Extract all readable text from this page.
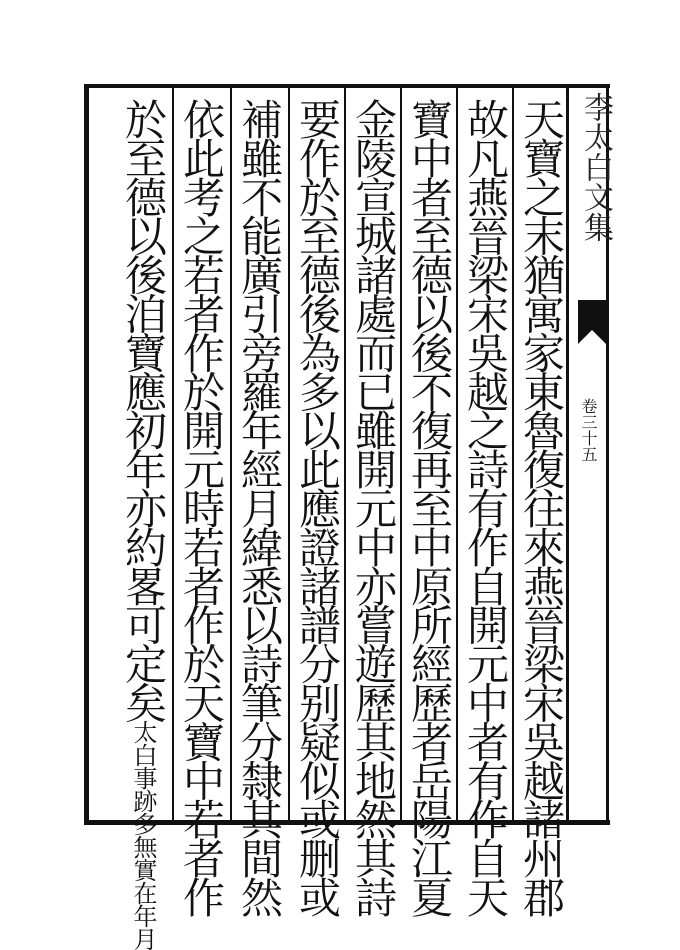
李太白文集
卷三十五
天寶之末猶寓家東魯復往來燕晉梁宋吳越諸州郡
故凡燕晉梁宋吳越之詩有作自開元中者有作自天
寶中者至德以後不復再至中原所經歷者岳陽江夏
金陵宣城諸處而已雖開元中亦嘗遊歷其地然其詩
要作於至德後為多以此應證諸譜分别疑似或删或
補雖不能廣引旁羅年經月緯悉以詩筆分隸其間然
依此考之若者作於開元時若者作於天寶中若者作
於至德以後洎寶應初年亦約畧可定矣太白事跡多無實在年月
